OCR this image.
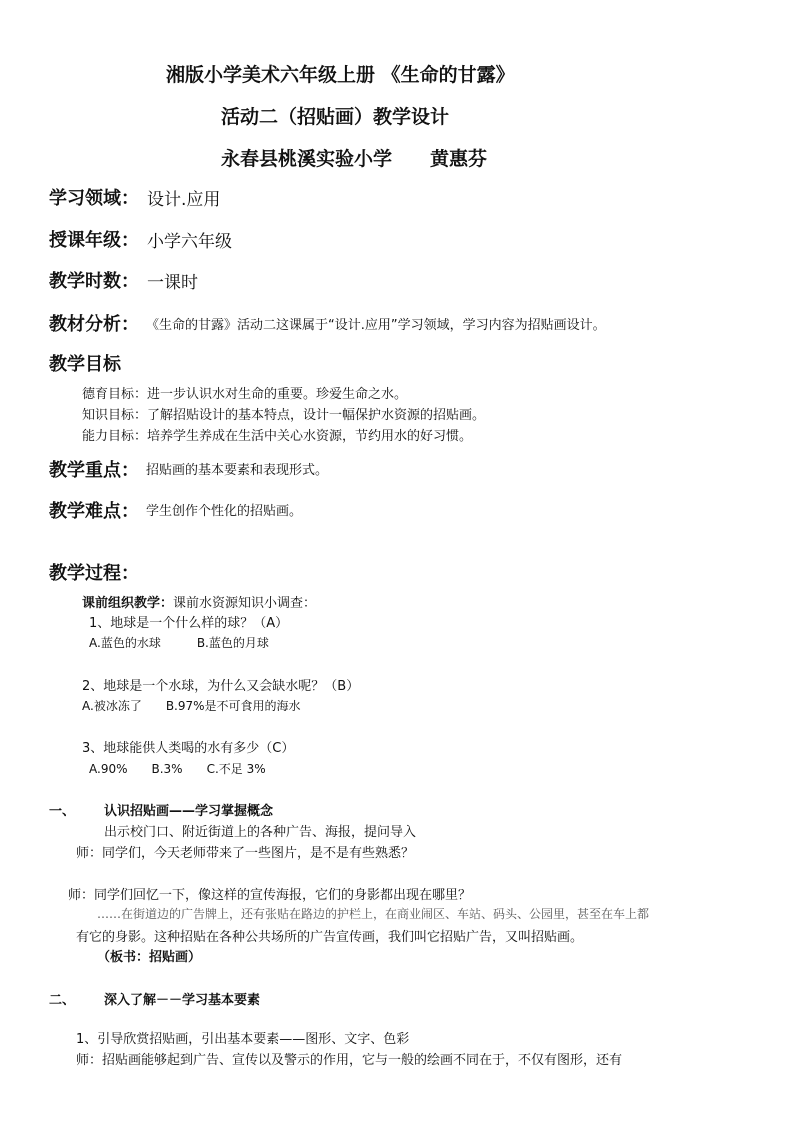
湘版小学美术六年级上册 《生命的甘露》
活动二（招贴画）教学设计
永春县桃溪实验小学　　黄惠芬
学习领域： 设计.应用
授课年级： 小学六年级
教学时数： 一课时
教材分析： 《生命的甘露》活动二这课属于“设计.应用”学习领域，学习内容为招贴画设计。
教学目标
德育目标：进一步认识水对生命的重要。珍爱生命之水。
知识目标：了解招贴设计的基本特点，设计一幅保护水资源的招贴画。
能力目标：培养学生养成在生活中关心水资源，节约用水的好习惯。
教学重点： 招贴画的基本要素和表现形式。
教学难点： 学生创作个性化的招贴画。
教学过程：
课前组织教学：课前水资源知识小调查：
1、地球是一个什么样的球？（A）
A.蓝色的水球　　　B.蓝色的月球
2、地球是一个水球，为什么又会缺水呢？（B）
A.被冰冻了　　B.97%是不可食用的海水
3、地球能供人类喝的水有多少（C）
A.90%　　B.3%　　C.不足 3%
一、 认识招贴画——学习掌握概念
出示校门口、附近街道上的各种广告、海报，提问导入
师：同学们，今天老师带来了一些图片，是不是有些熟悉？
师：同学们回忆一下，像这样的宣传海报，它们的身影都出现在哪里？
……在街道边的广告牌上，还有张贴在路边的护栏上，在商业闹区、车站、码头、公园里，甚至在车上都
有它的身影。这种招贴在各种公共场所的广告宣传画，我们叫它招贴广告，又叫招贴画。
（板书：招贴画）
二、 深入了解－－学习基本要素
1、引导欣赏招贴画，引出基本要素——图形、文字、色彩
师：招贴画能够起到广告、宣传以及警示的作用，它与一般的绘画不同在于，不仅有图形，还有
